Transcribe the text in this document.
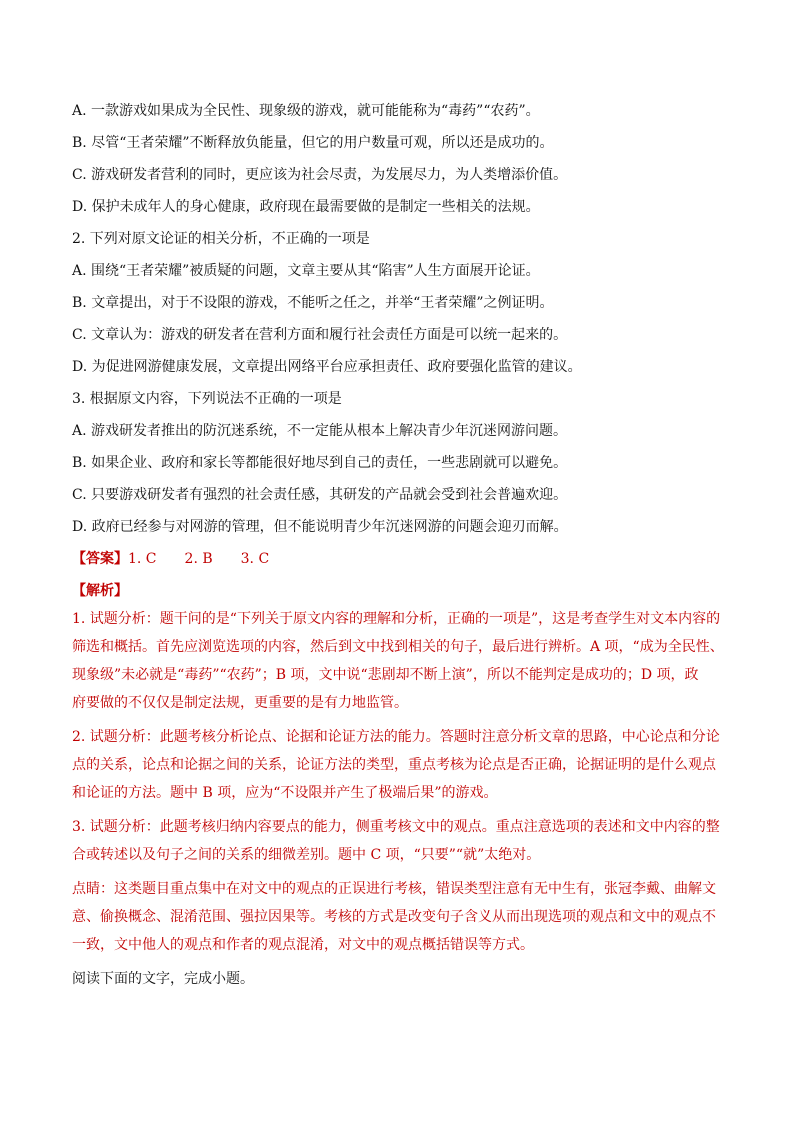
A. 一款游戏如果成为全民性、现象级的游戏，就可能能称为“毒药”“农药”。
B. 尽管“王者荣耀”不断释放负能量，但它的用户数量可观，所以还是成功的。
C. 游戏研发者营利的同时，更应该为社会尽责，为发展尽力，为人类增添价值。
D. 保护未成年人的身心健康，政府现在最需要做的是制定一些相关的法规。
2. 下列对原文论证的相关分析，不正确的一项是
A. 围绕“王者荣耀”被质疑的问题，文章主要从其“陷害”人生方面展开论证。
B. 文章提出，对于不设限的游戏，不能听之任之，并举“王者荣耀”之例证明。
C. 文章认为：游戏的研发者在营利方面和履行社会责任方面是可以统一起来的。
D. 为促进网游健康发展，文章提出网络平台应承担责任、政府要强化监管的建议。
3. 根据原文内容，下列说法不正确的一项是
A. 游戏研发者推出的防沉迷系统，不一定能从根本上解决青少年沉迷网游问题。
B. 如果企业、政府和家长等都能很好地尽到自己的责任，一些悲剧就可以避免。
C. 只要游戏研发者有强烈的社会责任感，其研发的产品就会受到社会普遍欢迎。
D. 政府已经参与对网游的管理，但不能说明青少年沉迷网游的问题会迎刃而解。
【答案】1. C 2. B 3. C
【解析】
1. 试题分析：题干问的是“下列关于原文内容的理解和分析，正确的一项是”，这是考查学生对文本内容的
筛选和概括。首先应浏览选项的内容，然后到文中找到相关的句子，最后进行辨析。A 项，“成为全民性、
现象级”未必就是“毒药”“农药”；B 项，文中说“悲剧却不断上演”，所以不能判定是成功的；D 项，政
府要做的不仅仅是制定法规，更重要的是有力地监管。
2. 试题分析：此题考核分析论点、论据和论证方法的能力。答题时注意分析文章的思路，中心论点和分论
点的关系，论点和论据之间的关系，论证方法的类型，重点考核为论点是否正确，论据证明的是什么观点
和论证的方法。题中 B 项，应为“不设限并产生了极端后果”的游戏。
3. 试题分析：此题考核归纳内容要点的能力，侧重考核文中的观点。重点注意选项的表述和文中内容的整
合或转述以及句子之间的关系的细微差别。题中 C 项，“只要”“就”太绝对。
点睛：这类题目重点集中在对文中的观点的正误进行考核，错误类型注意有无中生有，张冠李戴、曲解文
意、偷换概念、混淆范围、强拉因果等。考核的方式是改变句子含义从而出现选项的观点和文中的观点不
一致，文中他人的观点和作者的观点混淆，对文中的观点概括错误等方式。
阅读下面的文字，完成小题。
